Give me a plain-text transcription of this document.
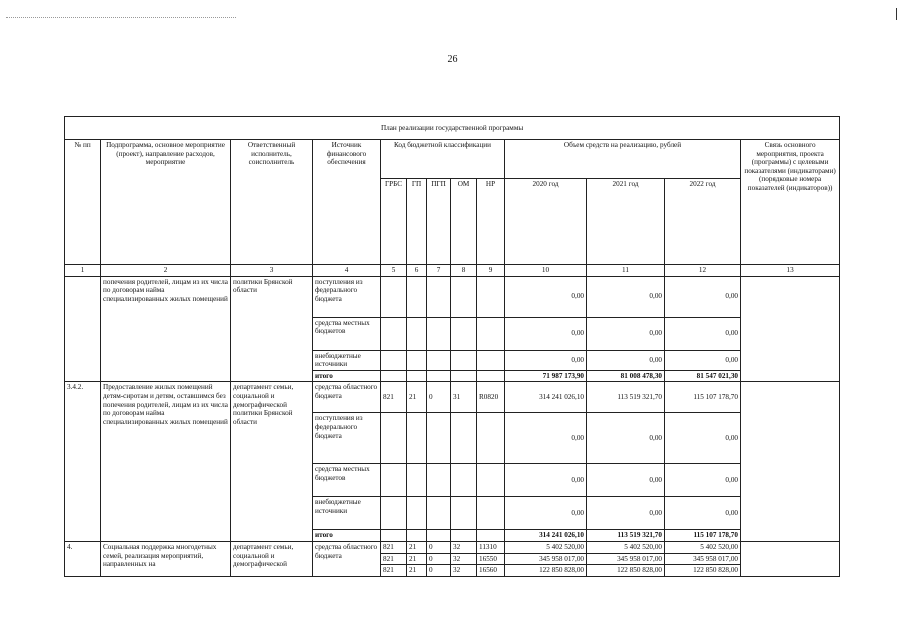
26
План реализации государственной программы												
№ пп	Подпрограмма, основное мероприятие (проект), направление расходов, мероприятие	Ответственный исполнитель, соисполнитель	Источник финансового обеспечения	Код бюджетной классификации					Объем средств на реализацию, рублей			Связь основного мероприятия, проекта (программы) с целевыми показателями (индикаторами) (порядковые номера показателей (индикаторов))
				ГРБС	ГП	ПГП	ОМ	НР	2020 год	2021 год	2022 год	
1	2	3	4	5	6	7	8	9	10	11	12	13
	попечения родителей, лицам из их числа по договорам найма специализированных жилых помещений	политики Брянской области	поступления из федерального бюджета						0,00	0,00	0,00	
			средства местных бюджетов						0,00	0,00	0,00	
			внебюджетные источники						0,00	0,00	0,00	
			итого						71 987 173,90	81 008 478,30	81 547 021,30	
3.4.2.	Предоставление жилых помещений детям-сиротам и детям, оставшимся без попечения родителей, лицам из их числа по договорам найма специализированных жилых помещений	департамент семьи, социальной и демографической политики Брянской области	средства областного бюджета	821	21	0	31	R0820	314 241 026,10	113 519 321,70	115 107 178,70	
			поступления из федерального бюджета						0,00	0,00	0,00	
			средства местных бюджетов						0,00	0,00	0,00	
			внебюджетные источники						0,00	0,00	0,00	
			итого						314 241 026,10	113 519 321,70	115 107 178,70	
4.	Социальная поддержка многодетных семей, реализация мероприятий, направленных на	департамент семьи, социальной и демографической	средства областного бюджета	821	21	0	32	11310	5 402 520,00	5 402 520,00	5 402 520,00	
				821	21	0	32	16550	345 958 017,00	345 958 017,00	345 958 017,00	
				821	21	0	32	16560	122 850 828,00	122 850 828,00	122 850 828,00	
